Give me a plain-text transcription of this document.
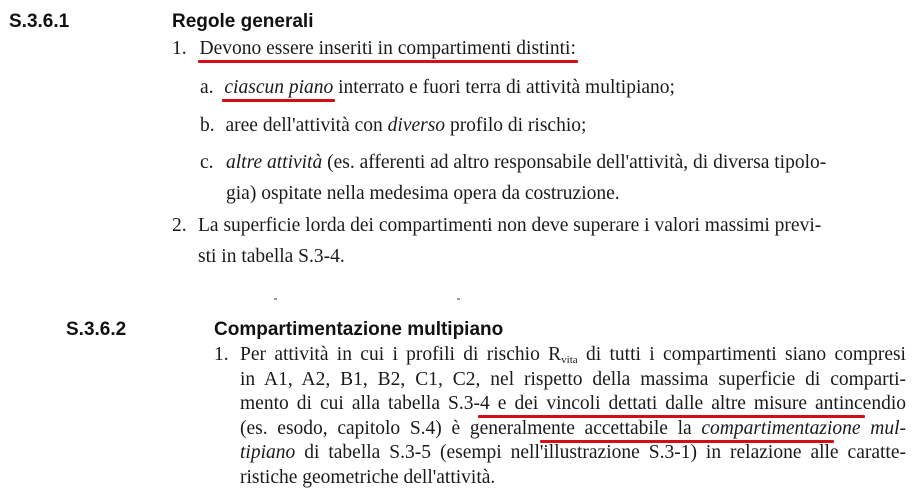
S.3.6.1	Regole generali
1. Devono essere inseriti in compartimenti distinti:
a. ciascun piano interrato e fuori terra di attività multipiano;
b. aree dell'attività con diverso profilo di rischio;
c. altre attività (es. afferenti ad altro responsabile dell'attività, di diversa tipolo-
gia) ospitate nella medesima opera da costruzione.
2. La superficie lorda dei compartimenti non deve superare i valori massimi previ-
sti in tabella S.3-4.
S.3.6.2	Compartimentazione multipiano
1. Per attività in cui i profili di rischio $R_{vita}$ di tutti i compartimenti siano compresi
in A1, A2, B1, B2, C1, C2, nel rispetto della massima superficie di comparti-
mento di cui alla tabella S.3-4 e dei vincoli dettati dalle altre misure antincendio
(es. esodo, capitolo S.4) è generalmente accettabile la compartimentazione mul-
tipiano di tabella S.3-5 (esempi nell'illustrazione S.3-1) in relazione alle caratte-
ristiche geometriche dell'attività.
